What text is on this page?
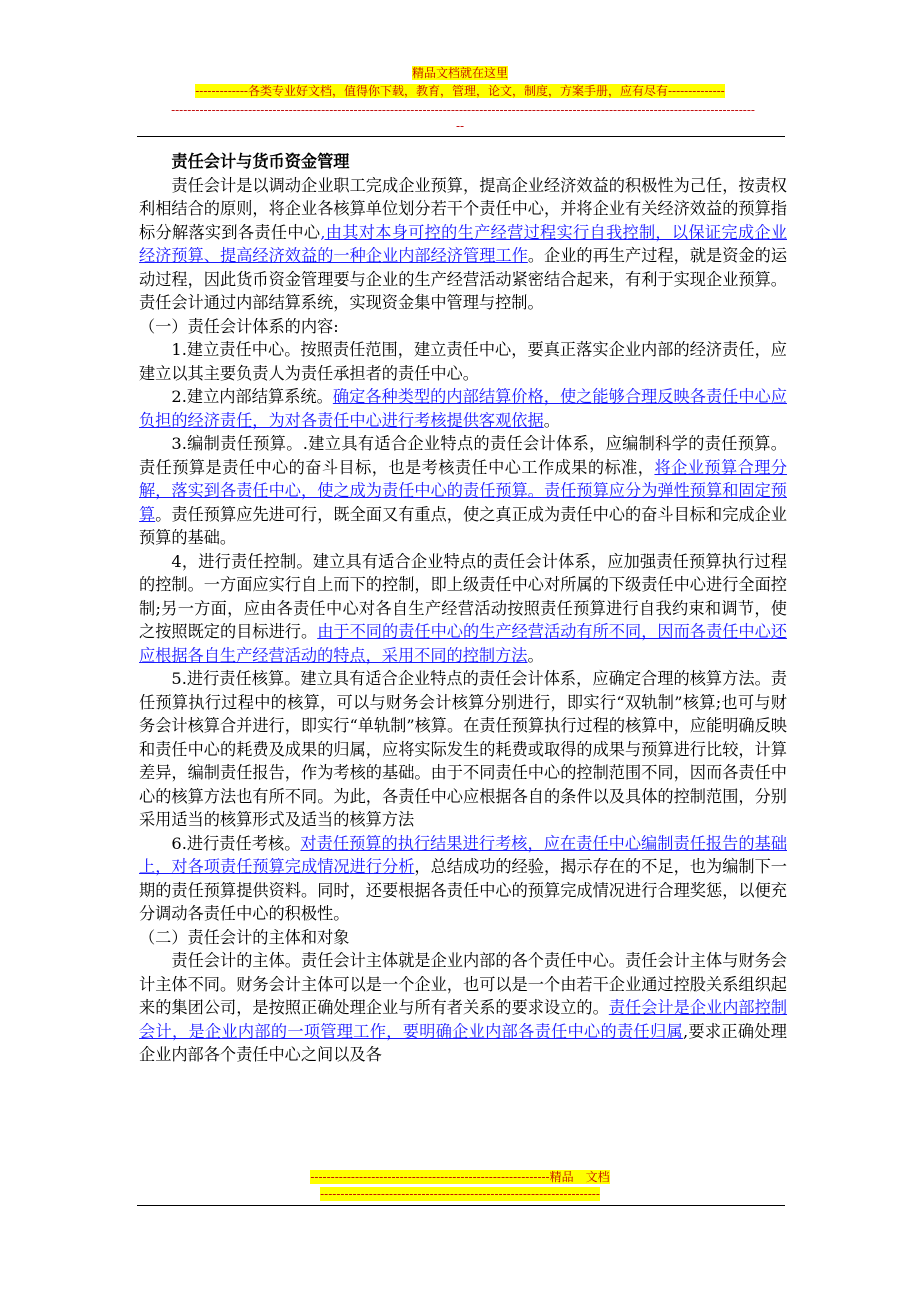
精品文档就在这里
-------------各类专业好文档，值得你下载，教育，管理，论文，制度，方案手册，应有尽有--------------
------------------------------------------------------------------------------------------------------------------------------------------------
--

责任会计与货币资金管理

责任会计是以调动企业职工完成企业预算，提高企业经济效益的积极性为己任，按责权利相结合的原则，将企业各核算单位划分若干个责任中心，并将企业有关经济效益的预算指标分解落实到各责任中心,由其对本身可控的生产经营过程实行自我控制，以保证完成企业经济预算、提高经济效益的一种企业内部经济管理工作。企业的再生产过程，就是资金的运动过程，因此货币资金管理要与企业的生产经营活动紧密结合起来，有利于实现企业预算。责任会计通过内部结算系统，实现资金集中管理与控制。

（一）责任会计体系的内容:

1.建立责任中心。按照责任范围，建立责任中心，要真正落实企业内部的经济责任，应建立以其主要负责人为责任承担者的责任中心。

2.建立内部结算系统。确定各种类型的内部结算价格，使之能够合理反映各责任中心应负担的经济责任，为对各责任中心进行考核提供客观依据。

3.编制责任预算。.建立具有适合企业特点的责任会计体系，应编制科学的责任预算。责任预算是责任中心的奋斗目标，也是考核责任中心工作成果的标准，将企业预算合理分解，落实到各责任中心，使之成为责任中心的责任预算。责任预算应分为弹性预算和固定预算。责任预算应先进可行，既全面又有重点，使之真正成为责任中心的奋斗目标和完成企业预算的基础。

4，进行责任控制。建立具有适合企业特点的责任会计体系，应加强责任预算执行过程的控制。一方面应实行自上而下的控制，即上级责任中心对所属的下级责任中心进行全面控制;另一方面，应由各责任中心对各自生产经营活动按照责任预算进行自我约束和调节，使之按照既定的目标进行。由于不同的责任中心的生产经营活动有所不同，因而各责任中心还应根据各自生产经营活动的特点，采用不同的控制方法。

5.进行责任核算。建立具有适合企业特点的责任会计体系，应确定合理的核算方法。责任预算执行过程中的核算，可以与财务会计核算分别进行，即实行“双轨制”核算;也可与财务会计核算合并进行，即实行“单轨制”核算。在责任预算执行过程的核算中，应能明确反映和责任中心的耗费及成果的归属，应将实际发生的耗费或取得的成果与预算进行比较，计算差异，编制责任报告，作为考核的基础。由于不同责任中心的控制范围不同，因而各责任中心的核算方法也有所不同。为此，各责任中心应根据各自的条件以及具体的控制范围，分别采用适当的核算形式及适当的核算方法

6.进行责任考核。对责任预算的执行结果进行考核，应在责任中心编制责任报告的基础上，对各项责任预算完成情况进行分析，总结成功的经验，揭示存在的不足，也为编制下一期的责任预算提供资料。同时，还要根据各责任中心的预算完成情况进行合理奖惩，以便充分调动各责任中心的积极性。

（二）责任会计的主体和对象

责任会计的主体。责任会计主体就是企业内部的各个责任中心。责任会计主体与财务会计主体不同。财务会计主体可以是一个企业，也可以是一个由若干企业通过控股关系组织起来的集团公司，是按照正确处理企业与所有者关系的要求设立的。责任会计是企业内部控制会计，是企业内部的一项管理工作，要明确企业内部各责任中心的责任归属,要求正确处理企业内部各个责任中心之间以及各

-----------------------------------------------------------精品　文档
---------------------------------------------------------------------
